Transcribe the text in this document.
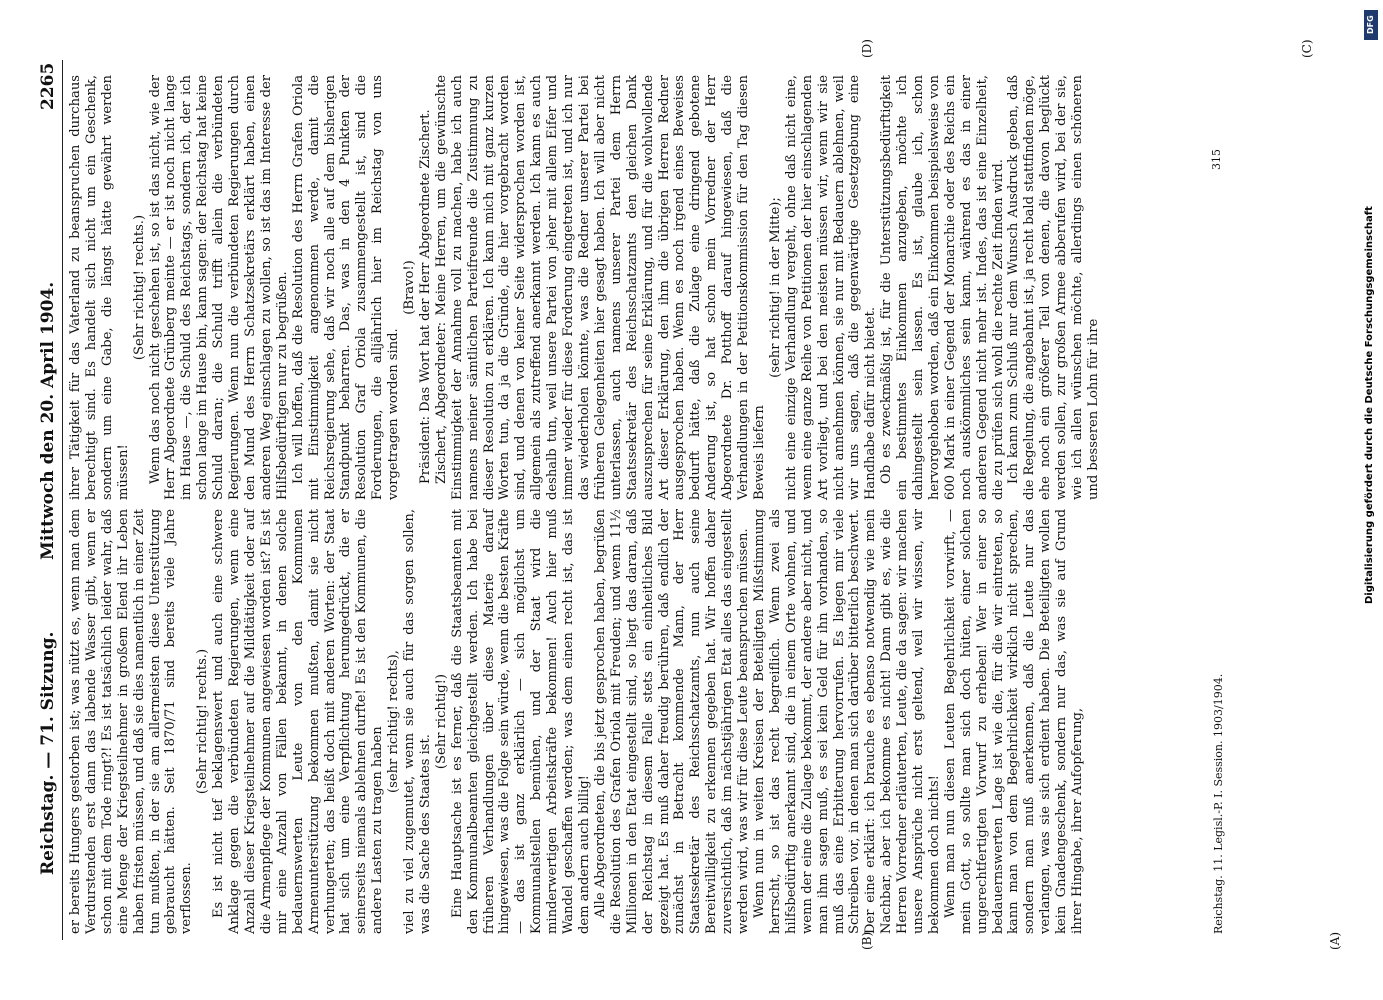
Reichstag. — 71. Sitzung.
Mittwoch den 20. April 1904.
2265

er bereits Hungers gestorben ist; was nützt es, wenn man dem Verdurstenden erst dann das labende Wasser gibt, wenn er schon mit dem Tode ringt?! Es ist tatsächlich leider wahr, daß eine Menge der Kriegsteilnehmer in großem Elend ihr Leben haben fristen müssen, und daß sie dies namentlich in einer Zeit tun mußten, in der sie am allermeisten diese Unterstützung gebraucht hätten. Seit 1870/71 sind bereits viele Jahre verflossen.

(Sehr richtig! rechts.) Es ist nicht tief beklagenswert und auch eine schwere Anklage gegen die verbündeten Regierungen, wenn eine Anzahl dieser Kriegsteilnehmer auf die Mildtätigkeit oder auf die Armenpflege der Kommunen angewiesen worden ist? Es ist mir eine Anzahl von Fällen bekannt, in denen solche bedauernswerten Leute von den Kommunen Armenunterstützung bekommen mußten, damit sie nicht verhungerten; das heißt doch mit anderen Worten: der Staat hat sich um eine Verpflichtung herumgedrückt, die er seinerseits niemals ablehnen durfte! Es ist den Kommunen, die andere Lasten zu tragen haben

(sehr richtig! rechts), viel zu viel zugemutet, wenn sie auch für das sorgen sollen, was die Sache des Staates ist.

(Sehr richtig!) Eine Hauptsache ist es ferner, daß die Staatsbeamten mit den Kommunalbeamten gleichgestellt werden. Ich habe bei früheren Verhandlungen über diese Materie darauf hingewiesen, was die Folge sein würde, wenn die besten Kräfte — das ist ganz erklärlich — sich möglichst um Kommunalstellen bemühen, und der Staat wird die minderwertigen Arbeitskräfte bekommen! Auch hier muß Wandel geschaffen werden; was dem einen recht ist, das ist dem andern auch billig! Alle Abgeordneten, die bis jetzt gesprochen haben, begrüßen die Resolution des Grafen Oriola mit Freuden; und wenn 11½ Millionen in den Etat eingestellt sind, so liegt das daran, daß der Reichstag in diesem Falle stets ein einheitliches Bild gezeigt hat. Es muß daher freudig berühren, daß endlich der zunächst in Betracht kommende Mann, der Herr Staatssekretär des Reichsschatzamts, nun auch seine Bereitwilligkeit zu erkennen gegeben hat. Wir hoffen daher zuversichtlich, daß im nächstjährigen Etat alles das eingestellt werden wird, was wir für diese Leute beanspruchen müssen. Wenn nun in weiten Kreisen der Beteiligten Mißstimmung herrscht, so ist das recht begreiflich. Wenn zwei als hilfsbedürftig anerkannt sind, die in einem Orte wohnen, und wenn der eine die Zulage bekommt, der andere aber nicht, und man ihm sagen muß, es sei kein Geld für ihn vorhanden, so muß das eine Erbitterung hervorrufen. Es liegen mir viele Schreiben vor, in denen man sich darüber bitterlich beschwert. Der eine erklärt: ich brauche es ebenso notwendig wie mein Nachbar, aber ich bekomme es nicht! Dann gibt es, wie die Herren Vorredner erläuterten, Leute, die da sagen: wir machen unsere Ansprüche nicht erst geltend, weil wir wissen, wir bekommen doch nichts! Wenn man nun diesen Leuten Begehrlichkeit vorwirft, — mein Gott, so sollte man sich doch hüten, einer solchen ungerechtfertigten Vorwurf zu erheben! Wer in einer so bedauernswerten Lage ist wie die, für die wir eintreten, so kann man von dem Begehrlichkeit wirklich nicht sprechen, sondern man muß anerkennen, daß die Leute nur das verlangen, was sie sich erdient haben. Die Beteiligten wollen kein Gnadengeschenk, sondern nur das, was sie auf Grund ihrer Hingabe, ihrer Aufopferung,

ihrer Tätigkeit für das Vaterland zu beanspruchen durchaus berechtigt sind. Es handelt sich nicht um ein Geschenk, sondern um eine Gabe, die längst hätte gewährt werden müssen!

(Sehr richtig! rechts.) Wenn das noch nicht geschehen ist, so ist das nicht, wie der Herr Abgeordnete Grünberg meinte — er ist noch nicht lange im Hause —, die Schuld des Reichstags, sondern ich, der ich schon lange im Hause bin, kann sagen: der Reichstag hat keine Schuld daran; die Schuld trifft allein die verbündeten Regierungen. Wenn nun die verbündeten Regierungen durch den Mund des Herrn Schatzsekretärs erklärt haben, einen anderen Weg einschlagen zu wollen, so ist das im Interesse der Hilfsbedürftigen nur zu begrüßen. Ich will hoffen, daß die Resolution des Herrn Grafen Oriola mit Einstimmigkeit angenommen werde, damit die Reichsregierung sehe, daß wir noch alle auf dem bisherigen Standpunkt beharren. Das, was in den 4 Punkten der Resolution Graf Oriola zusammengestellt ist, sind die Forderungen, die alljährlich hier im Reichstag von uns vorgetragen worden sind.

(Bravo!) Präsident: Das Wort hat der Herr Abgeordnete Zischert. Zischert, Abgeordneter: Meine Herren, um die gewünschte Einstimmigkeit der Annahme voll zu machen, habe ich auch namens meiner sämtlichen Parteifreunde die Zustimmung zu dieser Resolution zu erklären. Ich kann mich mit ganz kurzen Worten tun, da ja die Gründe, die hier vorgebracht worden sind, und denen von keiner Seite widersprochen worden ist, allgemein als zutreffend anerkannt werden. Ich kann es auch deshalb tun, weil unsere Partei von jeher mit allem Eifer und immer wieder für diese Forderung eingetreten ist, und ich nur das wiederholen könnte, was die Redner unserer Partei bei früheren Gelegenheiten hier gesagt haben. Ich will aber nicht unterlassen, auch namens unserer Partei dem Herrn Staatssekretär des Reichsschatzamts den gleichen Dank auszusprechen für seine Erklärung, und für die wohlwollende Art dieser Erklärung, den ihm die übrigen Herren Redner ausgesprochen haben. Wenn es noch irgend eines Beweises bedurft hätte, daß die Zulage eine dringend gebotene Anderung ist, so hat schon mein Vorredner der Herr Abgeordnete Dr. Potthoff darauf hingewiesen, daß die Verhandlungen in der Petitionskommission für den Tag diesen Beweis liefern

(sehr richtig! in der Mitte); nicht eine einzige Verhandlung vergeht, ohne daß nicht eine, wenn eine ganze Reihe von Petitionen der hier einschlagenden Art vorliegt, und bei den meisten müssen wir, wenn wir sie nicht annehmen können, sie nur mit Bedauern ablehnen, weil wir uns sagen, daß die gegenwärtige Gesetzgebung eine Handhabe dafür nicht bietet. Ob es zweckmäßig ist, für die Unterstützungsbedürftigkeit ein bestimmtes Einkommen anzugeben, möchte ich dahingestellt sein lassen. Es ist, glaube ich, schon hervorgehoben worden, daß ein Einkommen beispielsweise von 600 Mark in einer Gegend der Monarchie oder des Reichs ein noch auskömmliches sein kann, während es das in einer anderen Gegend nicht mehr ist. Indes, das ist eine Einzelheit, die zu prüfen sich wohl die rechte Zeit finden wird. Ich kann zum Schluß nur dem Wunsch Ausdruck geben, daß die Regelung, die angebahnt ist, ja recht bald stattfinden möge, ehe noch ein größerer Teil von denen, die davon beglückt werden sollen, zur großen Armee abberufen wird, bei der sie, wie ich allen wünschen möchte, allerdings einen schöneren und besseren Lohn für ihre

(A)
(B)
(C)
(D)
Reichstag. 11. Legisl.-P. I. Session. 1903/1904.
315
DFG
Digitalisierung gefördert durch die Deutsche Forschungsgemeinschaft
